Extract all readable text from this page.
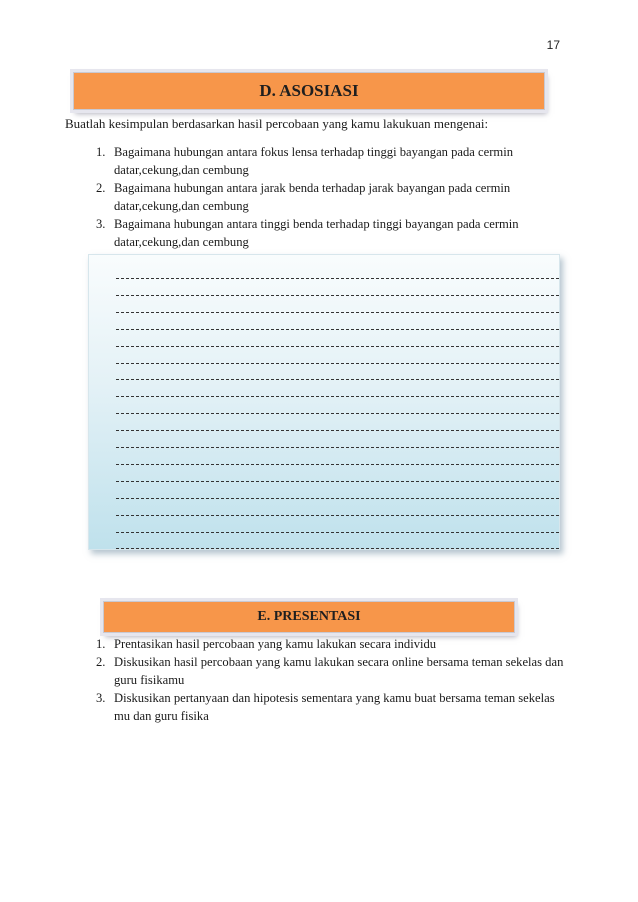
17
D. ASOSIASI
Buatlah kesimpulan berdasarkan hasil percobaan yang kamu lakukuan mengenai:
1. Bagaimana hubungan antara fokus lensa terhadap tinggi bayangan pada cermin datar,cekung,dan cembung
2. Bagaimana hubungan antara jarak benda terhadap jarak bayangan pada cermin datar,cekung,dan cembung
3. Bagaimana hubungan antara tinggi benda terhadap tinggi bayangan pada cermin datar,cekung,dan cembung
E. PRESENTASI
1. Prentasikan hasil percobaan yang kamu lakukan secara individu
2. Diskusikan hasil percobaan yang kamu lakukan secara online bersama teman sekelas dan guru fisikamu
3. Diskusikan pertanyaan dan hipotesis sementara yang kamu buat bersama teman sekelas mu dan guru fisika
